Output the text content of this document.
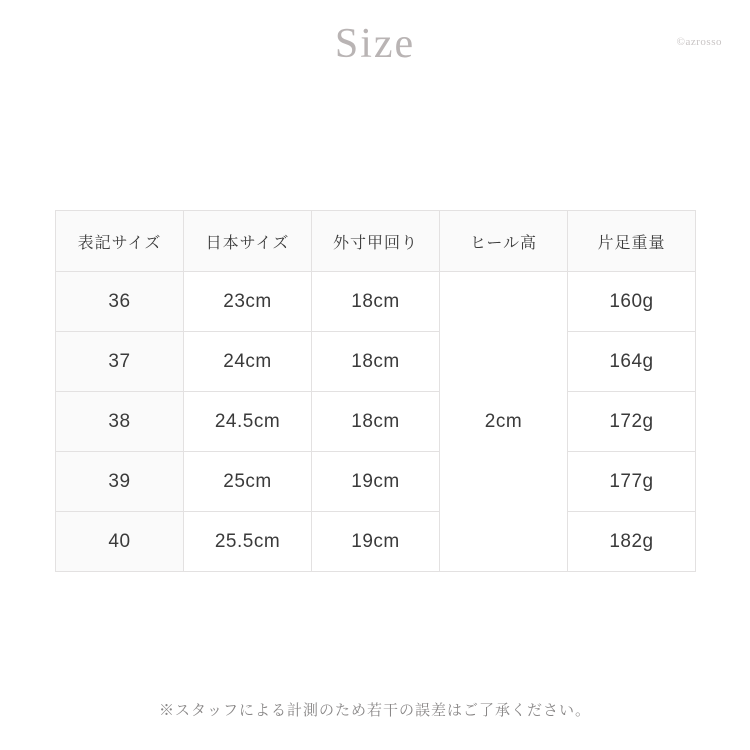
Size	©azrosso
表記サイズ	日本サイズ	外寸甲回り	ヒール高	片足重量
36	23cm	18cm	2cm	160g
37	24cm	18cm		164g
38	24.5cm	18cm		172g
39	25cm	19cm		177g
40	25.5cm	19cm		182g
※スタッフによる計測のため若干の誤差はご了承ください。
